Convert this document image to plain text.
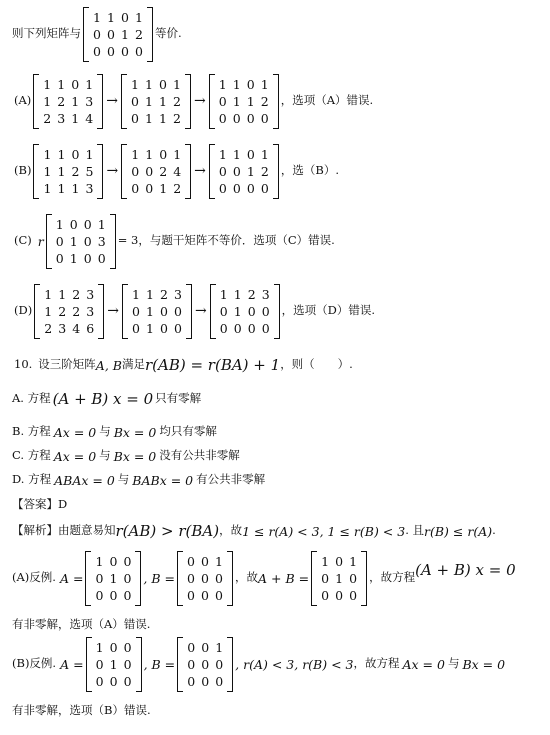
则下列矩阵与
1 1 0 1
0 0 1 2
0 0 0 0
等价.
(A)
1 1 0 1
1 2 1 3
2 3 1 4
→
1 1 0 1
0 1 1 2
0 1 1 2
→
1 1 0 1
0 1 1 2
0 0 0 0
，选项（A）错误.
(B)
1 1 0 1
1 1 2 5
1 1 1 3
→
1 1 0 1
0 0 2 4
0 0 1 2
→
1 1 0 1
0 0 1 2
0 0 0 0
，选（B）.
(C) r
1 0 0 1
0 1 0 3
0 1 0 0
= 3，与题干矩阵不等价．选项（C）错误.
(D)
1 1 2 3
1 2 2 3
2 3 4 6
→
1 1 2 3
0 1 0 0
0 1 0 0
→
1 1 2 3
0 1 0 0
0 0 0 0
，选项（D）错误.
10. 设三阶矩阵 A, B 满足 r(AB) = r(BA) + 1 ，则（　　）.
A. 方程 (A + B) x = 0 只有零解
B. 方程 Ax = 0 与 Bx = 0 均只有零解
C. 方程 Ax = 0 与 Bx = 0 没有公共非零解
D. 方程 ABAx = 0 与 BABx = 0 有公共非零解
【答案】D
【解析】 由题意易知 r(AB) > r(BA) ，故 1 ≤ r(A) < 3, 1 ≤ r(B) < 3 . 且 r(B) ≤ r(A) .
(A)反例. A =
1 0 0
0 1 0
0 0 0
, B =
0 0 1
0 0 0
0 0 0
，故 A + B =
1 0 1
0 1 0
0 0 0
，故方程 (A + B) x = 0
有非零解，选项（A）错误.
(B)反例. A =
1 0 0
0 1 0
0 0 0
, B =
0 0 1
0 0 0
0 0 0
, r(A) < 3, r(B) < 3 ，故方程 Ax = 0 与 Bx = 0
有非零解，选项（B）错误.
